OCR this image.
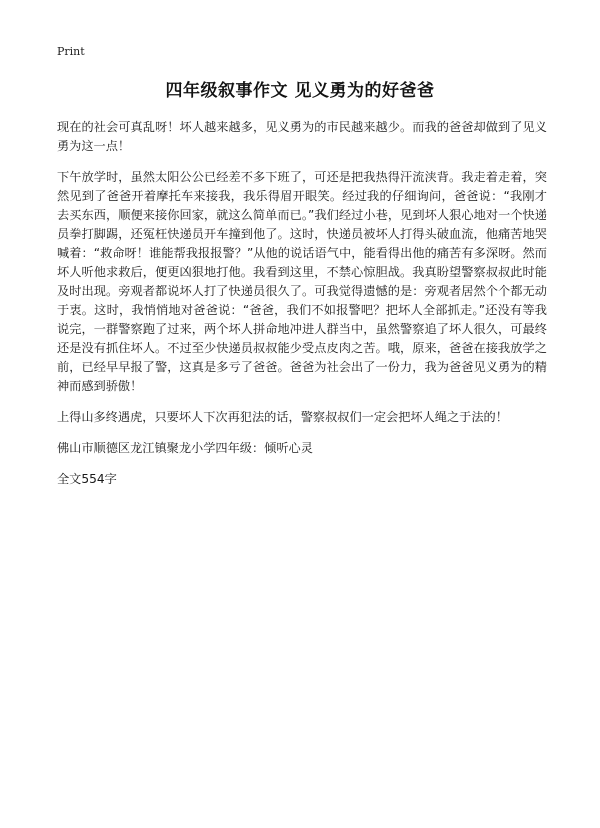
Print
四年级叙事作文 见义勇为的好爸爸

现在的社会可真乱呀！坏人越来越多，见义勇为的市民越来越少。而我的爸爸却做到了见义勇为这一点！

下午放学时，虽然太阳公公已经差不多下班了，可还是把我热得汗流浃背。我走着走着，突然见到了爸爸开着摩托车来接我，我乐得眉开眼笑。经过我的仔细询问，爸爸说：“我刚才去买东西，顺便来接你回家，就这么简单而已。”我们经过小巷，见到坏人狠心地对一个快递员拳打脚踢，还冤枉快递员开车撞到他了。这时，快递员被坏人打得头破血流，他痛苦地哭喊着：“救命呀！谁能帮我报报警？”从他的说话语气中，能看得出他的痛苦有多深呀。然而坏人听他求救后，便更凶狠地打他。我看到这里，不禁心惊胆战。我真盼望警察叔叔此时能及时出现。旁观者都说坏人打了快递员很久了。可我觉得遗憾的是：旁观者居然个个都无动于衷。这时，我悄悄地对爸爸说：“爸爸，我们不如报警吧？把坏人全部抓走。”还没有等我说完，一群警察跑了过来，两个坏人拼命地冲进人群当中，虽然警察追了坏人很久，可最终还是没有抓住坏人。不过至少快递员叔叔能少受点皮肉之苦。哦，原来，爸爸在接我放学之前，已经早早报了警，这真是多亏了爸爸。爸爸为社会出了一份力，我为爸爸见义勇为的精神而感到骄傲！

上得山多终遇虎，只要坏人下次再犯法的话，警察叔叔们一定会把坏人绳之于法的！

佛山市顺德区龙江镇聚龙小学四年级：倾听心灵

全文554字
